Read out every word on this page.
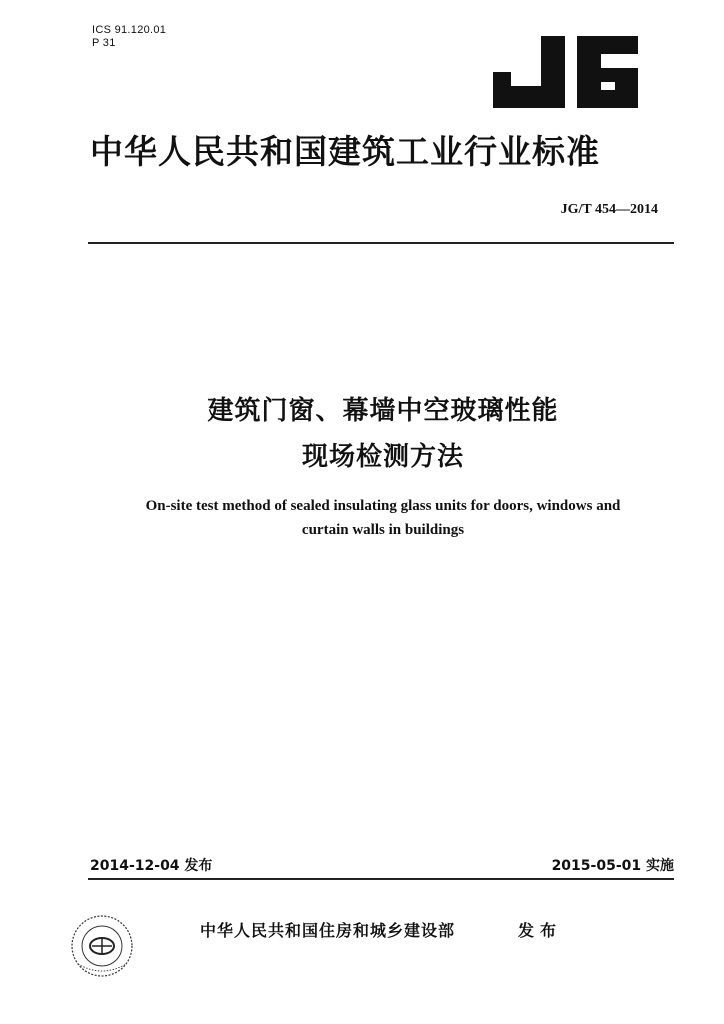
ICS 91.120.01
P 31
中华人民共和国建筑工业行业标准
JG/T 454—2014
建筑门窗、幕墙中空玻璃性能
现场检测方法
On-site test method of sealed insulating glass units for doors, windows and
curtain walls in buildings
2014-12-04 发布	2015-05-01 实施
中华人民共和国住房和城乡建设部	发布
